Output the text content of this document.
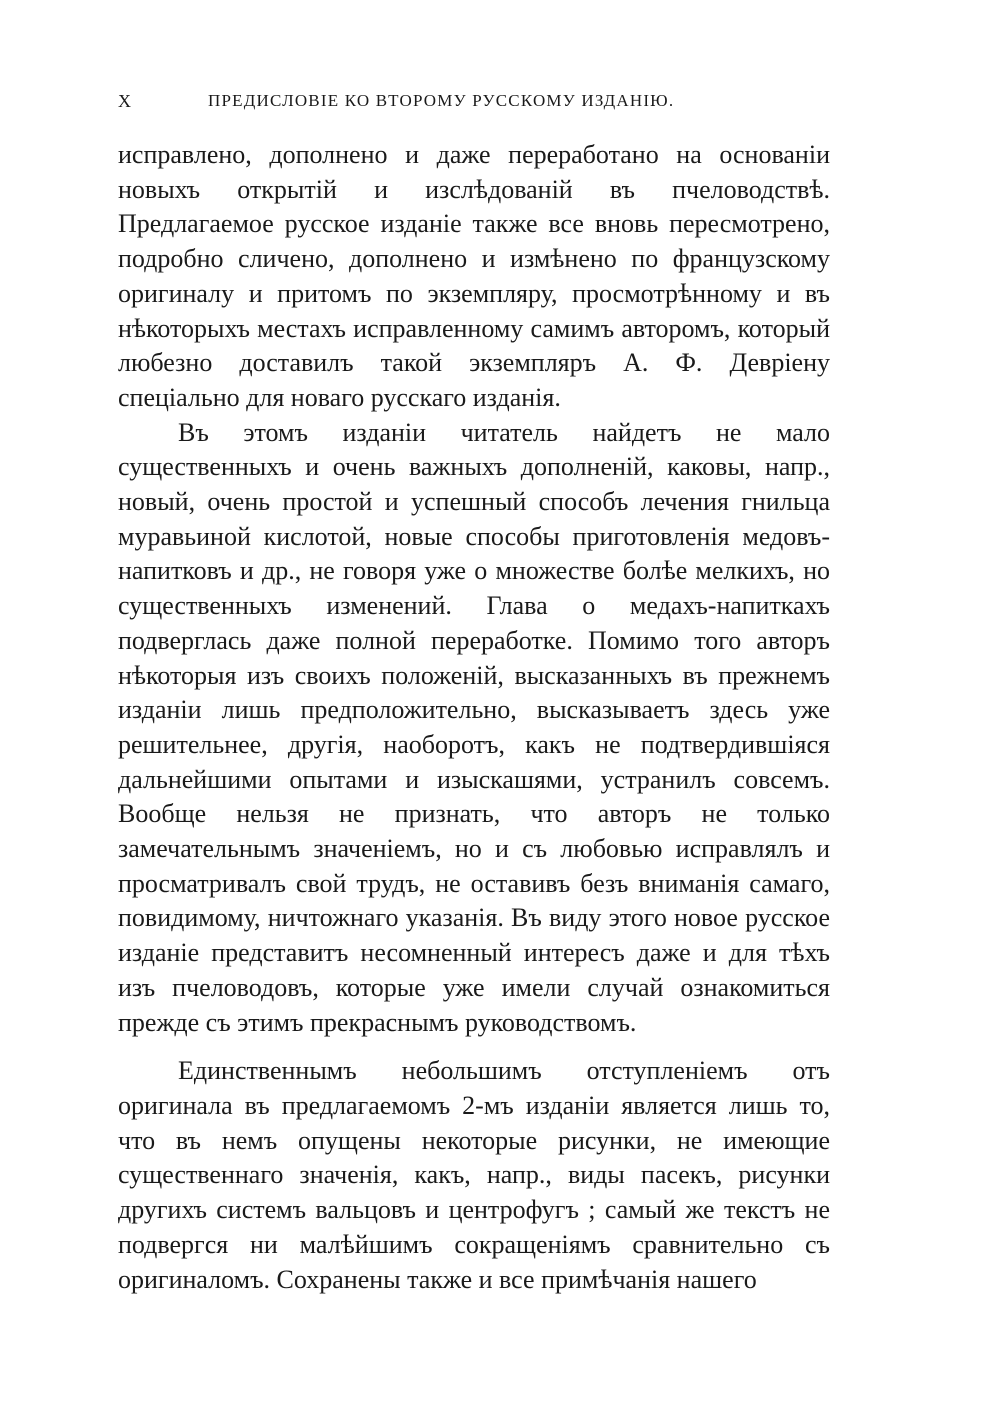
X	ПРЕДИСЛОВІЕ КО ВТОРОМУ РУССКОМУ ИЗДАНІЮ.

исправлено, дополнено и даже переработано на основаніи новыхъ открытій и изслѣдованій въ пчеловодствѣ. Предлагаемое русское изданіе также все вновь пересмотрено, подробно сличено, дополнено и измѣнено по французскому оригиналу и притомъ по экземпляру, просмотрѣнному и въ нѣкоторыхъ местахъ исправленному самимъ авторомъ, который любезно доставилъ такой экземпляръ А. Ф. Девріену спеціально для новаго русскаго изданія.

Въ этомъ изданіи читатель найдетъ не мало существенныхъ и очень важныхъ дополненій, каковы, напр., новый, очень простой и успешный способъ лечения гнильца муравьиной кислотой, новые способы приготовленія медовъ-напитковъ и др., не говоря уже о множестве болѣе мелкихъ, но существенныхъ изменений. Глава о медахъ-напиткахъ подверглась даже полной переработке. Помимо того авторъ нѣкоторыя изъ своихъ положеній, высказанныхъ въ прежнемъ изданіи лишь предположительно, высказываетъ здесь уже решительнее, другія, наоборотъ, какъ не подтвердившіяся дальнейшими опытами и изыскашями, устранилъ совсемъ. Вообще нельзя не признать, что авторъ не только замечательнымъ значеніемъ, но и съ любовью исправлялъ и просматривалъ свой трудъ, не оставивъ безъ вниманія самаго, повидимому, ничтожнаго указанія. Въ виду этого новое русское изданіе представитъ несомненный интересъ даже и для тѣхъ изъ пчеловодовъ, которые уже имели случай ознакомиться прежде съ этимъ прекраснымъ руководствомъ.

Единственнымъ небольшимъ отступленіемъ отъ оригинала въ предлагаемомъ 2-мъ изданіи является лишь то, что въ немъ опущены некоторые рисунки, не имеющие существеннаго значенія, какъ, напр., виды пасекъ, рисунки другихъ системъ вальцовъ и центрофугъ ; самый же текстъ не подвергся ни малѣйшимъ сокращеніямъ сравнительно съ оригиналомъ. Сохранены также и все примѣчанія нашего
